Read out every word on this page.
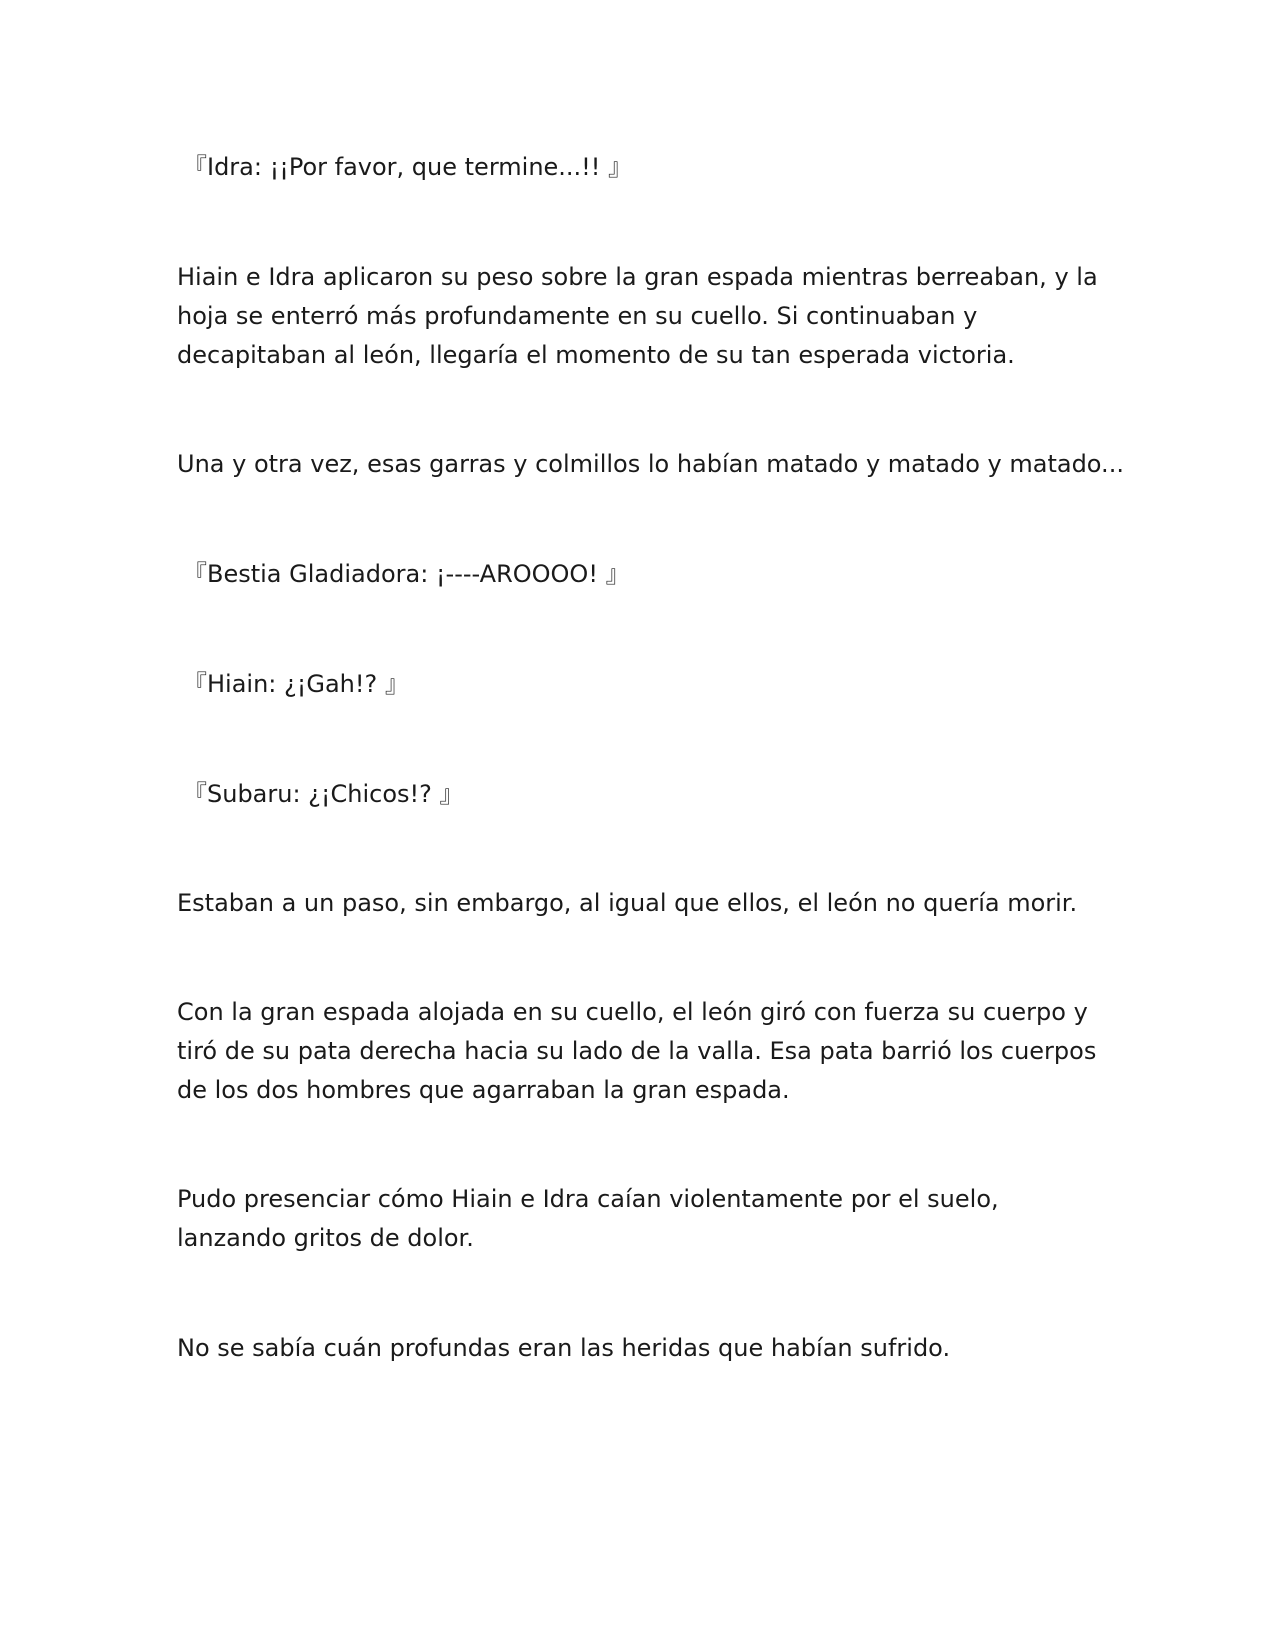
『Idra: ¡¡Por favor, que termine...!! 』

Hiain e Idra aplicaron su peso sobre la gran espada mientras berreaban, y la

hoja se enterró más profundamente en su cuello. Si continuaban y

decapitaban al león, llegaría el momento de su tan esperada victoria.

Una y otra vez, esas garras y colmillos lo habían matado y matado y matado...

『Bestia Gladiadora: ¡----AROOOO! 』

『Hiain: ¿¡Gah!? 』

『Subaru: ¿¡Chicos!? 』

Estaban a un paso, sin embargo, al igual que ellos, el león no quería morir.

Con la gran espada alojada en su cuello, el león giró con fuerza su cuerpo y

tiró de su pata derecha hacia su lado de la valla. Esa pata barrió los cuerpos

de los dos hombres que agarraban la gran espada.

Pudo presenciar cómo Hiain e Idra caían violentamente por el suelo,

lanzando gritos de dolor.

No se sabía cuán profundas eran las heridas que habían sufrido.
